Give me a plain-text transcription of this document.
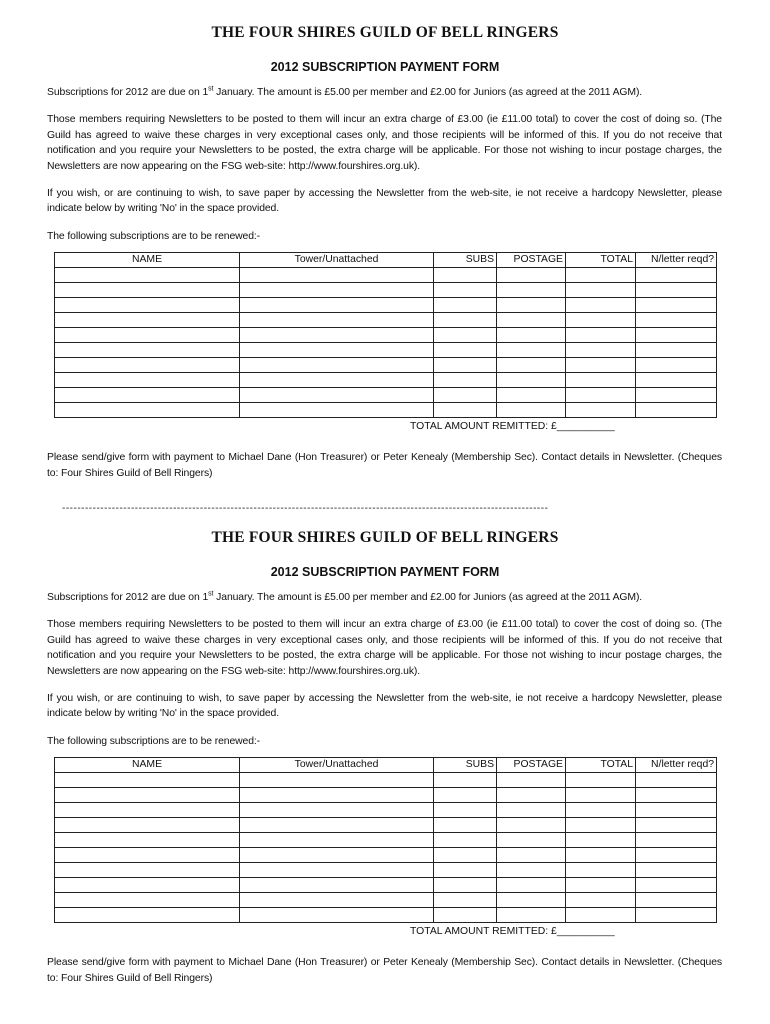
THE FOUR SHIRES GUILD OF BELL RINGERS
2012 SUBSCRIPTION PAYMENT FORM

Subscriptions for 2012 are due on 1st January. The amount is £5.00 per member and £2.00 for Juniors (as agreed at the 2011 AGM).

Those members requiring Newsletters to be posted to them will incur an extra charge of £3.00 (ie £11.00 total) to cover the cost of doing so. (The Guild has agreed to waive these charges in very exceptional cases only, and those recipients will be informed of this. If you do not receive that notification and you require your Newsletters to be posted, the extra charge will be applicable. For those not wishing to incur postage charges, the Newsletters are now appearing on the FSG web-site: http://www.fourshires.org.uk).

If you wish, or are continuing to wish, to save paper by accessing the Newsletter from the web-site, ie not receive a hardcopy Newsletter, please indicate below by writing 'No' in the space provided.

The following subscriptions are to be renewed:-

NAME	Tower/Unattached	SUBS	POSTAGE	TOTAL	N/letter reqd?

TOTAL AMOUNT REMITTED: £__________

Please send/give form with payment to Michael Dane (Hon Treasurer) or Peter Kenealy (Membership Sec). Contact details in Newsletter. (Cheques to: Four Shires Guild of Bell Ringers)

-------------------------------------------------------------------------------------------------------------------------------
THE FOUR SHIRES GUILD OF BELL RINGERS
2012 SUBSCRIPTION PAYMENT FORM

Subscriptions for 2012 are due on 1st January. The amount is £5.00 per member and £2.00 for Juniors (as agreed at the 2011 AGM).

Those members requiring Newsletters to be posted to them will incur an extra charge of £3.00 (ie £11.00 total) to cover the cost of doing so. (The Guild has agreed to waive these charges in very exceptional cases only, and those recipients will be informed of this. If you do not receive that notification and you require your Newsletters to be posted, the extra charge will be applicable. For those not wishing to incur postage charges, the Newsletters are now appearing on the FSG web-site: http://www.fourshires.org.uk).

If you wish, or are continuing to wish, to save paper by accessing the Newsletter from the web-site, ie not receive a hardcopy Newsletter, please indicate below by writing 'No' in the space provided.

The following subscriptions are to be renewed:-

NAME	Tower/Unattached	SUBS	POSTAGE	TOTAL	N/letter reqd?

TOTAL AMOUNT REMITTED: £__________

Please send/give form with payment to Michael Dane (Hon Treasurer) or Peter Kenealy (Membership Sec). Contact details in Newsletter. (Cheques to: Four Shires Guild of Bell Ringers)
